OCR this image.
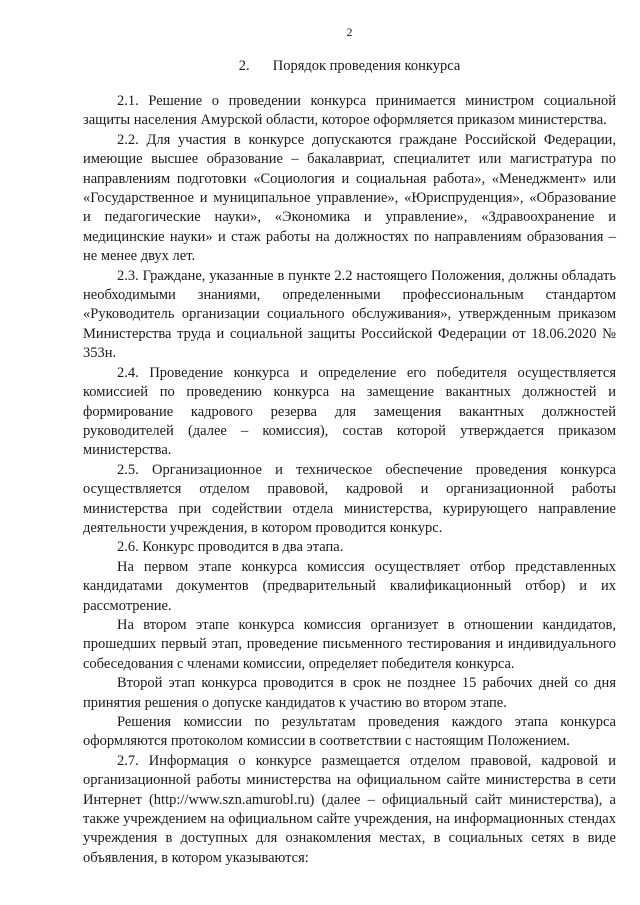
2
2. Порядок проведения конкурса

2.1. Решение о проведении конкурса принимается министром социальной защиты населения Амурской области, которое оформляется приказом министерства.

2.2. Для участия в конкурсе допускаются граждане Российской Федерации, имеющие высшее образование – бакалавриат, специалитет или магистратура по направлениям подготовки «Социология и социальная работа», «Менеджмент» или «Государственное и муниципальное управление», «Юриспруденция», «Образование и педагогические науки», «Экономика и управление», «Здравоохранение и медицинские науки» и стаж работы на должностях по направлениям образования – не менее двух лет.

2.3. Граждане, указанные в пункте 2.2 настоящего Положения, должны обладать необходимыми знаниями, определенными профессиональным стандартом «Руководитель организации социального обслуживания», утвержденным приказом Министерства труда и социальной защиты Российской Федерации от 18.06.2020 № 353н.

2.4. Проведение конкурса и определение его победителя осуществляется комиссией по проведению конкурса на замещение вакантных должностей и формирование кадрового резерва для замещения вакантных должностей руководителей (далее – комиссия), состав которой утверждается приказом министерства.

2.5. Организационное и техническое обеспечение проведения конкурса осуществляется отделом правовой, кадровой и организационной работы министерства при содействии отдела министерства, курирующего направление деятельности учреждения, в котором проводится конкурс.

2.6. Конкурс проводится в два этапа.

На первом этапе конкурса комиссия осуществляет отбор представленных кандидатами документов (предварительный квалификационный отбор) и их рассмотрение.

На втором этапе конкурса комиссия организует в отношении кандидатов, прошедших первый этап, проведение письменного тестирования и индивидуального собеседования с членами комиссии, определяет победителя конкурса.

Второй этап конкурса проводится в срок не позднее 15 рабочих дней со дня принятия решения о допуске кандидатов к участию во втором этапе.

Решения комиссии по результатам проведения каждого этапа конкурса оформляются протоколом комиссии в соответствии с настоящим Положением.

2.7. Информация о конкурсе размещается отделом правовой, кадровой и организационной работы министерства на официальном сайте министерства в сети Интернет (http://www.szn.amurobl.ru) (далее – официальный сайт министерства), а также учреждением на официальном сайте учреждения, на информационных стендах учреждения в доступных для ознакомления местах, в социальных сетях в виде объявления, в котором указываются:
